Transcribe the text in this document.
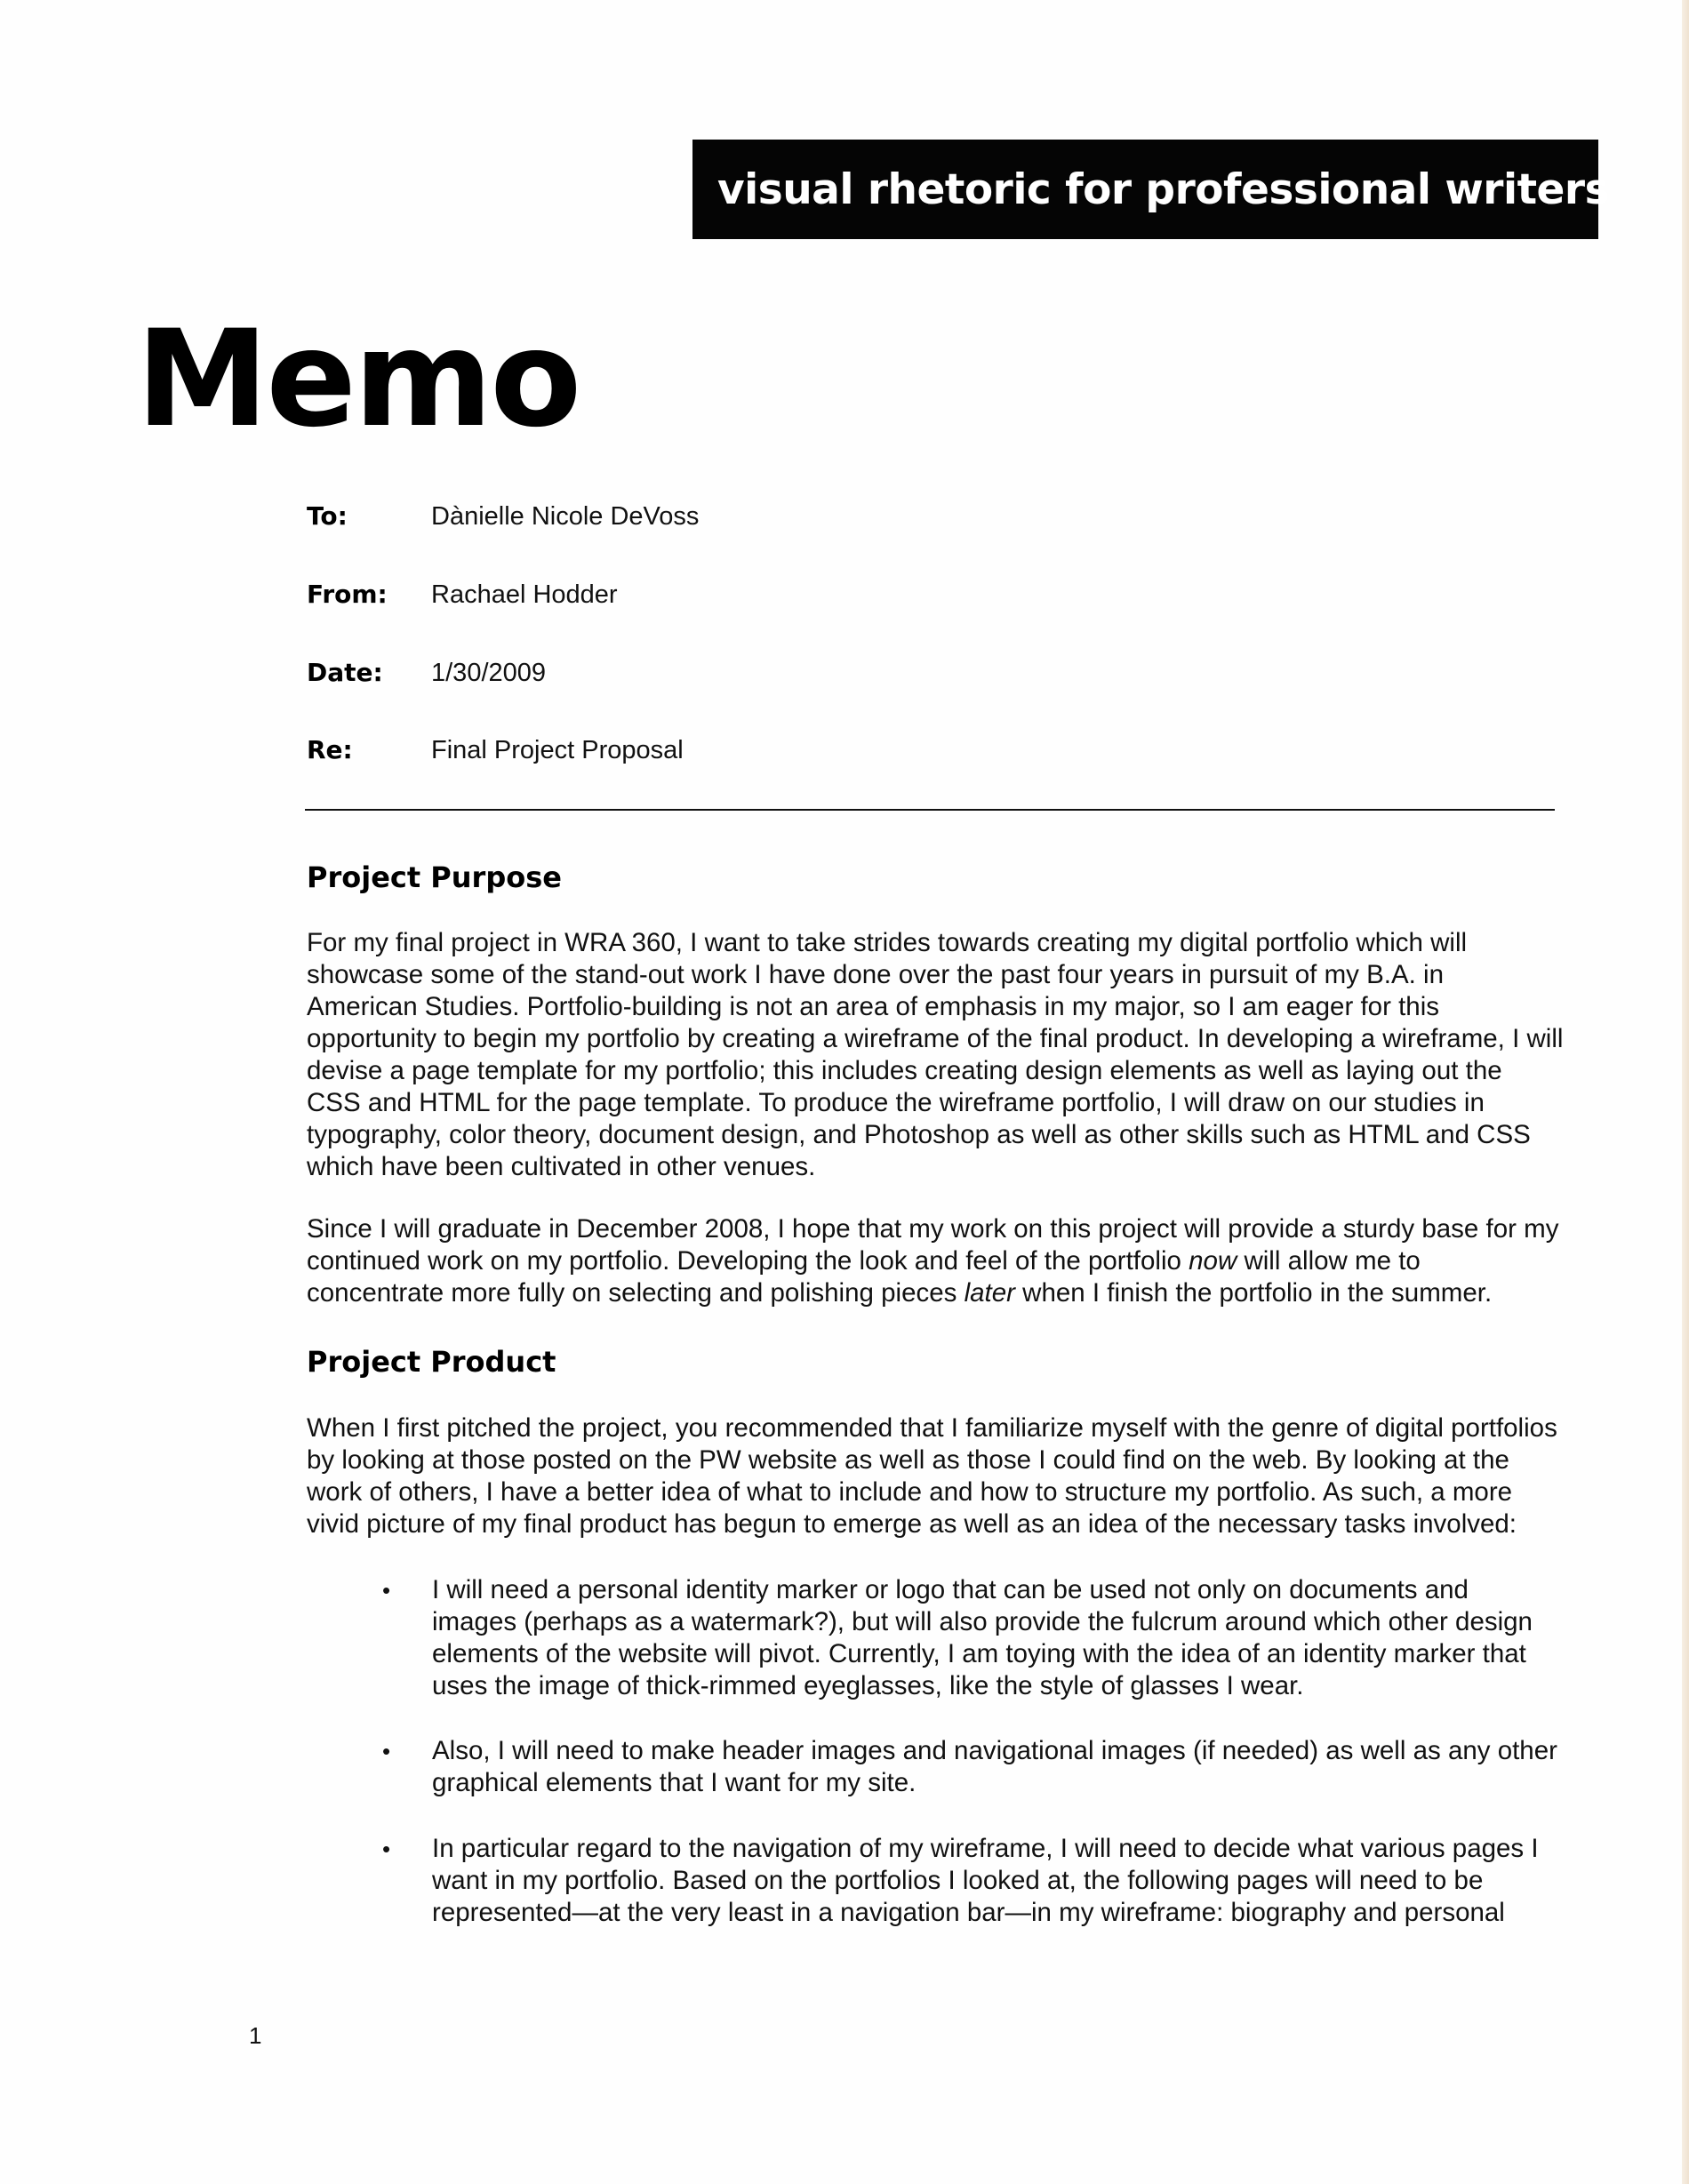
visual rhetoric for professional writers
Memo
To:	Dànielle Nicole DeVoss
From: Rachael Hodder
Date: 1/30/2009
Re:	Final Project Proposal
Project Purpose
For my final project in WRA 360, I want to take strides towards creating my digital portfolio which will
showcase some of the stand-out work I have done over the past four years in pursuit of my B.A. in
American Studies. Portfolio-building is not an area of emphasis in my major, so I am eager for this
opportunity to begin my portfolio by creating a wireframe of the final product. In developing a wireframe, I will
devise a page template for my portfolio; this includes creating design elements as well as laying out the
CSS and HTML for the page template. To produce the wireframe portfolio, I will draw on our studies in
typography, color theory, document design, and Photoshop as well as other skills such as HTML and CSS
which have been cultivated in other venues.
Since I will graduate in December 2008, I hope that my work on this project will provide a sturdy base for my
continued work on my portfolio. Developing the look and feel of the portfolio now will allow me to
concentrate more fully on selecting and polishing pieces later when I finish the portfolio in the summer.
Project Product
When I first pitched the project, you recommended that I familiarize myself with the genre of digital portfolios
by looking at those posted on the PW website as well as those I could find on the web. By looking at the
work of others, I have a better idea of what to include and how to structure my portfolio. As such, a more
vivid picture of my final product has begun to emerge as well as an idea of the necessary tasks involved:
• I will need a personal identity marker or logo that can be used not only on documents and
images (perhaps as a watermark?), but will also provide the fulcrum around which other design
elements of the website will pivot. Currently, I am toying with the idea of an identity marker that
uses the image of thick-rimmed eyeglasses, like the style of glasses I wear.
• Also, I will need to make header images and navigational images (if needed) as well as any other
graphical elements that I want for my site.
• In particular regard to the navigation of my wireframe, I will need to decide what various pages I
want in my portfolio. Based on the portfolios I looked at, the following pages will need to be
represented—at the very least in a navigation bar—in my wireframe: biography and personal
1
